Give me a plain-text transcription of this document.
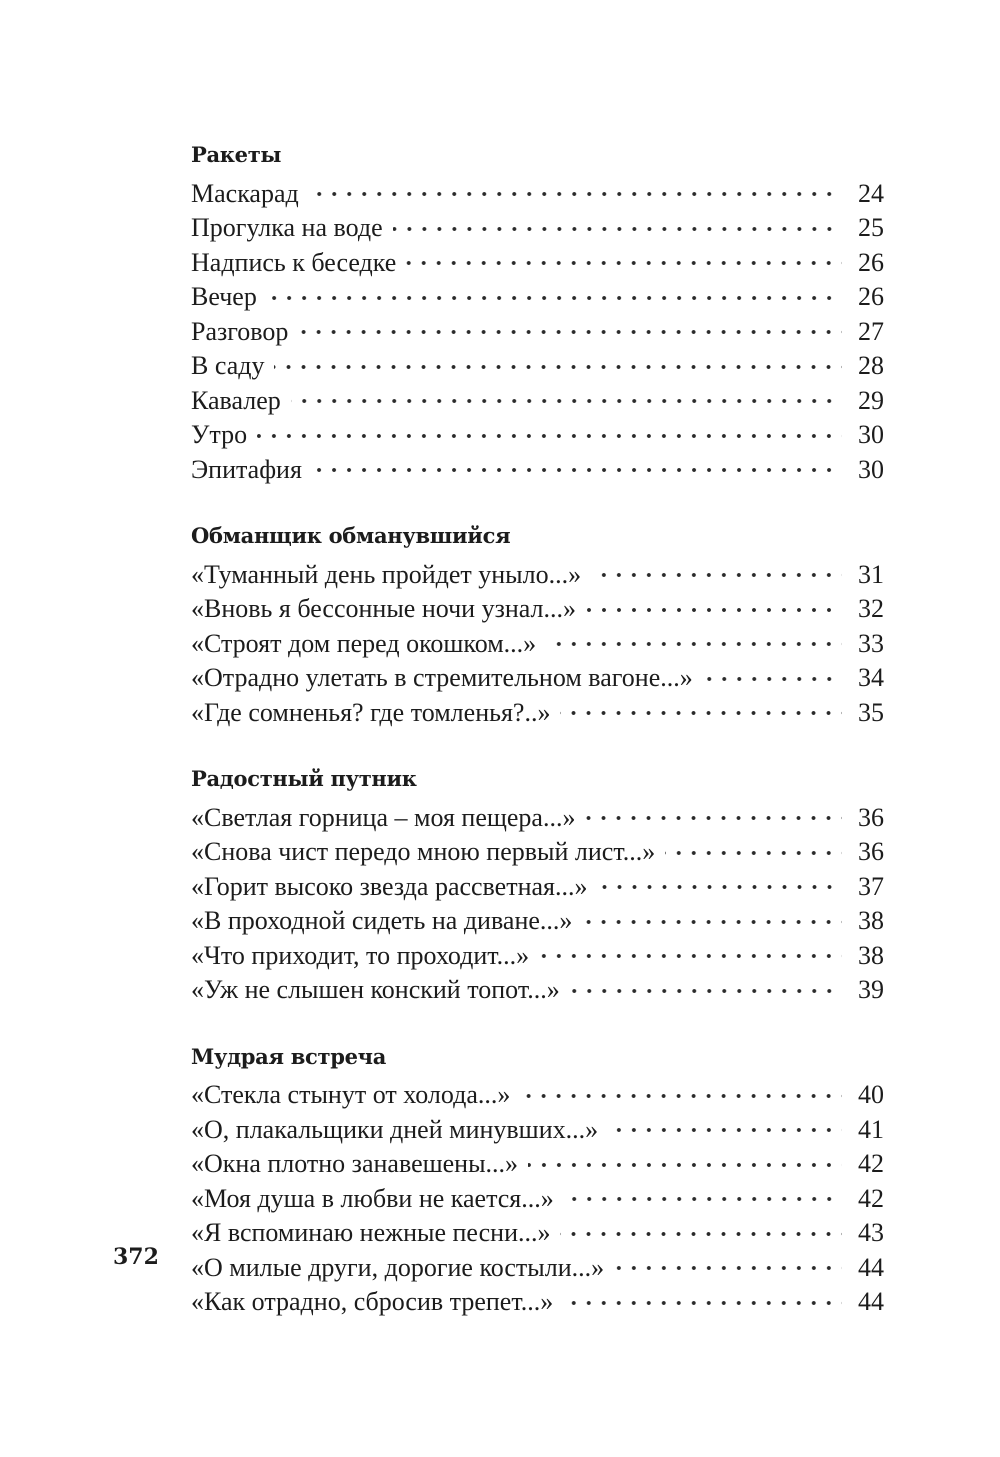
Ракеты
Маскарад	24
Прогулка на воде	25
Надпись к беседке	26
Вечер	26
Разговор	27
В саду	28
Кавалер	29
Утро	30
Эпитафия	30
Обманщик обманувшийся
«Туманный день пройдет уныло...»	31
«Вновь я бессонные ночи узнал...»	32
«Строят дом перед окошком...»	33
«Отрадно улетать в стремительном вагоне...»	34
«Где сомненья? где томленья?..»	35
Радостный путник
«Светлая горница – моя пещера...»	36
«Снова чист передо мною первый лист...»	36
«Горит высоко звезда рассветная...»	37
«В проходной сидеть на диване...»	38
«Что приходит, то проходит...»	38
«Уж не слышен конский топот...»	39
Мудрая встреча
«Стекла стынут от холода...»	40
«О, плакальщики дней минувших...»	41
«Окна плотно занавешены...»	42
«Моя душа в любви не кается...»	42
«Я вспоминаю нежные песни...»	43
«О милые други, дорогие костыли...»	44
«Как отрадно, сбросив трепет...»	44
372
